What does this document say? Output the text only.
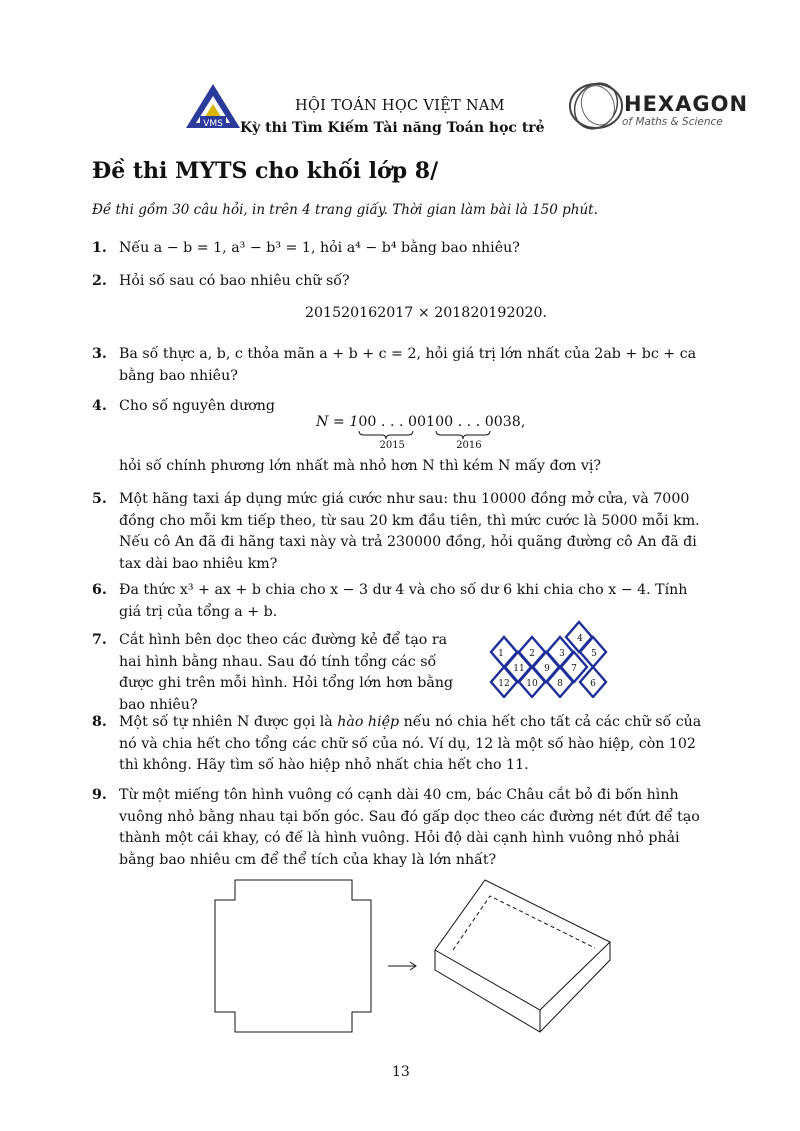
VMS
HỘI TOÁN HỌC VIỆT NAM
Kỳ thi Tìm Kiếm Tài năng Toán học trẻ
HEXAGON
of Maths & Science
Đề thi MYTS cho khối lớp 8/
Đề thi gồm 30 câu hỏi, in trên 4 trang giấy. Thời gian làm bài là 150 phút.
1. Nếu a − b = 1, a³ − b³ = 1, hỏi a⁴ − b⁴ bằng bao nhiêu?
2. Hỏi số sau có bao nhiêu chữ số?
201520162017 × 201820192020.
3. Ba số thực a, b, c thỏa mãn a + b + c = 2, hỏi giá trị lớn nhất của 2ab + bc + ca bằng bao nhiêu?
4. Cho số nguyên dương
N = 100 . . . 00
2015
100 . . . 00
2016
38,
hỏi số chính phương lớn nhất mà nhỏ hơn N thì kém N mấy đơn vị?
5. Một hãng taxi áp dụng mức giá cước như sau: thu 10000 đồng mở cửa, và 7000 đồng cho mỗi km tiếp theo, từ sau 20 km đầu tiên, thì mức cước là 5000 mỗi km. Nếu cô An đã đi hãng taxi này và trả 230000 đồng, hỏi quãng đường cô An đã đi tax dài bao nhiêu km?
6. Đa thức x³ + ax + b chia cho x − 3 dư 4 và cho số dư 6 khi chia cho x − 4. Tính giá trị của tổng a + b.
7. Cắt hình bên dọc theo các đường kẻ để tạo ra hai hình bằng nhau. Sau đó tính tổng các số được ghi trên mỗi hình. Hỏi tổng lớn hơn bằng bao nhiêu?
1	2	3
4
5
11 9 7
12 10 8	6
8. Một số tự nhiên N được gọi là hào hiệp nếu nó chia hết cho tất cả các chữ số của nó và chia hết cho tổng các chữ số của nó. Ví dụ, 12 là một số hào hiệp, còn 102 thì không. Hãy tìm số hào hiệp nhỏ nhất chia hết cho 11.
9. Từ một miếng tôn hình vuông có cạnh dài 40 cm, bác Châu cắt bỏ đi bốn hình vuông nhỏ bằng nhau tại bốn góc. Sau đó gấp dọc theo các đường nét đứt để tạo thành một cái khay, có đế là hình vuông. Hỏi độ dài cạnh hình vuông nhỏ phải bằng bao nhiêu cm để thể tích của khay là lớn nhất?
13
